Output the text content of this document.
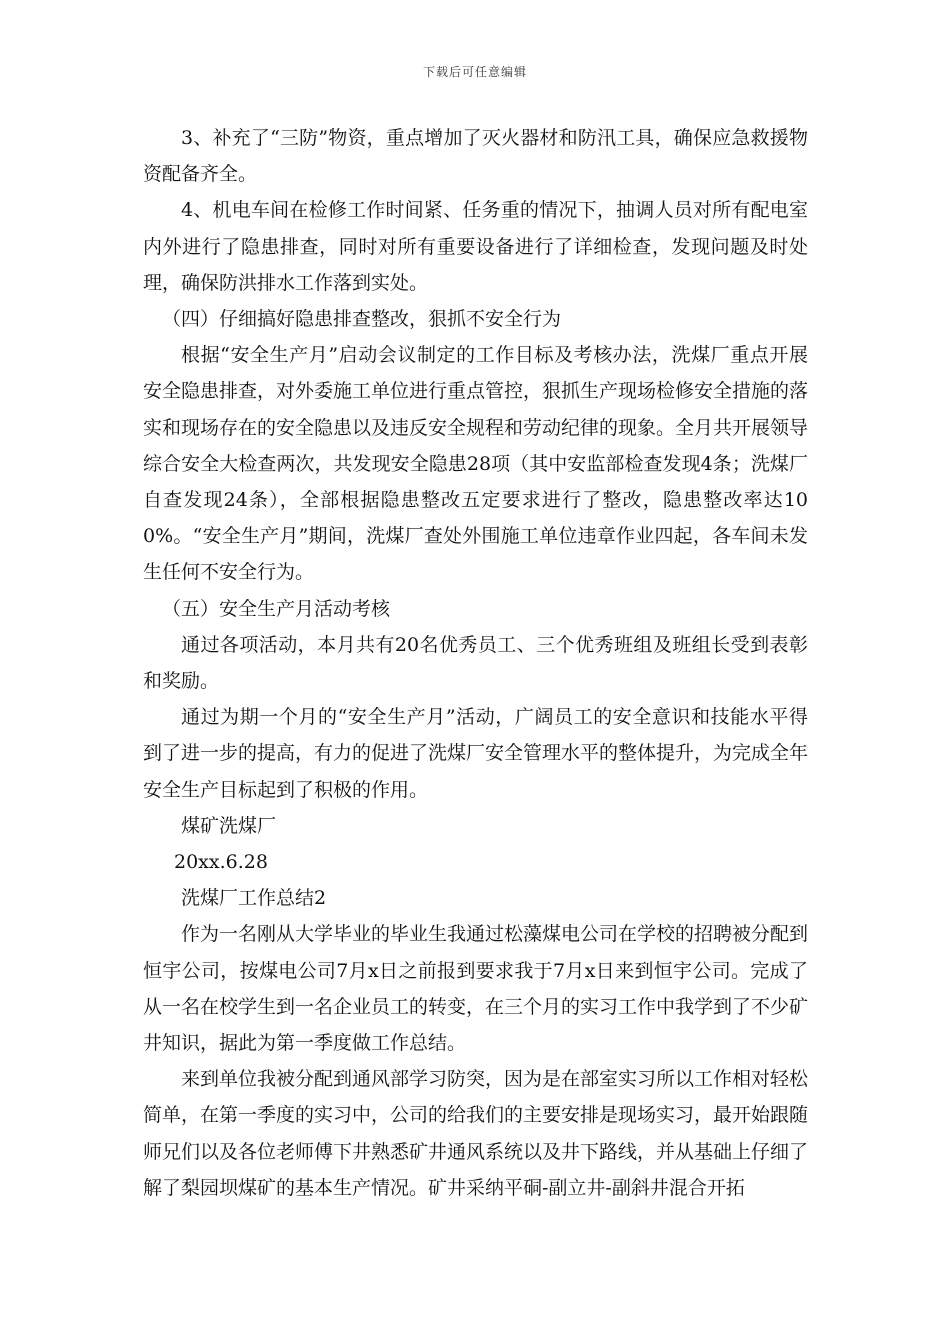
下载后可任意编辑

3、补充了“三防”物资，重点增加了灭火器材和防汛工具，确保应急救援物资配备齐全。

4、机电车间在检修工作时间紧、任务重的情况下，抽调人员对所有配电室内外进行了隐患排查，同时对所有重要设备进行了详细检查，发现问题及时处理，确保防洪排水工作落到实处。

（四）仔细搞好隐患排查整改，狠抓不安全行为

根据“安全生产月”启动会议制定的工作目标及考核办法，洗煤厂重点开展安全隐患排查，对外委施工单位进行重点管控，狠抓生产现场检修安全措施的落实和现场存在的安全隐患以及违反安全规程和劳动纪律的现象。全月共开展领导综合安全大检查两次，共发现安全隐患28项（其中安监部检查发现4条；洗煤厂自查发现24条），全部根据隐患整改五定要求进行了整改，隐患整改率达100%。“安全生产月”期间，洗煤厂查处外围施工单位违章作业四起，各车间未发生任何不安全行为。

（五）安全生产月活动考核

通过各项活动，本月共有20名优秀员工、三个优秀班组及班组长受到表彰和奖励。

通过为期一个月的“安全生产月”活动，广阔员工的安全意识和技能水平得到了进一步的提高，有力的促进了洗煤厂安全管理水平的整体提升，为完成全年安全生产目标起到了积极的作用。

煤矿洗煤厂

20xx.6.28

洗煤厂工作总结2

作为一名刚从大学毕业的毕业生我通过松藻煤电公司在学校的招聘被分配到恒宇公司，按煤电公司7月x日之前报到要求我于7月x日来到恒宇公司。完成了从一名在校学生到一名企业员工的转变，在三个月的实习工作中我学到了不少矿井知识，据此为第一季度做工作总结。

来到单位我被分配到通风部学习防突，因为是在部室实习所以工作相对轻松简单，在第一季度的实习中，公司的给我们的主要安排是现场实习，最开始跟随师兄们以及各位老师傅下井熟悉矿井通风系统以及井下路线，并从基础上仔细了解了梨园坝煤矿的基本生产情况。矿井采纳平硐-副立井-副斜井混合开拓
